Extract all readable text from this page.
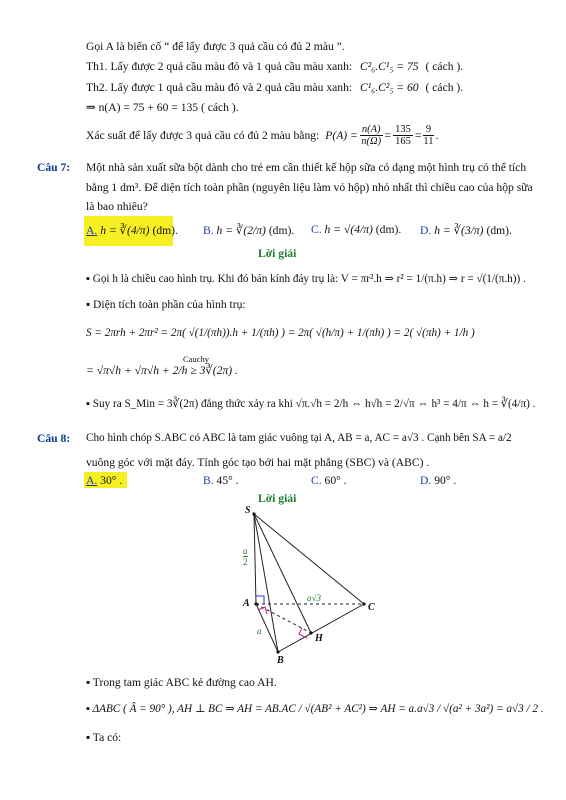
Gọi A là biến cố “ để lấy được 3 quả cầu có đủ 2 màu ”.
Th1. Lấy được 2 quả cầu màu đỏ và 1 quả cầu màu xanh: C²₆.C¹₅ = 75 ( cách ).
Th2. Lấy được 1 quả cầu màu đỏ và 2 quả cầu màu xanh: C¹₆.C²₅ = 60 ( cách ).
⇒ n(A) = 75 + 60 = 135 ( cách ).
Xác suất để lấy được 3 quả cầu có đủ 2 màu bằng: $P(A) = \frac{n(A)}{n(\Omega)} = \frac{135}{165} = \frac{9}{11}$ .
Câu 7: Một nhà sản xuất sữa bột dành cho trẻ em cần thiết kế hộp sữa có dạng một hình trụ có thể tích
bằng 1 dm³. Để diện tích toàn phần (nguyên liệu làm vỏ hộp) nhỏ nhất thì chiều cao của hộp sữa
là bao nhiêu?
A. h = ∛(4/π) (dm). B. h = ∛(2/π) (dm). C. h = √(4/π) (dm). D. h = ∛(3/π) (dm).
Lời giải
▪ Gọi h là chiều cao hình trụ. Khi đó bán kính đáy trụ là: V = πr².h ⇒ r² = 1/(π.h) ⇒ r = √(1/(π.h)) .
▪ Diện tích toàn phần của hình trụ:
S = 2πrh + 2πr² = 2π( √(1/(πh)).h + 1/(πh) ) = 2π( √(h/π) + 1/(πh) ) = 2( √(πh) + 1/h )
= √π√h + √π√h + 2/h ≥ 3∛(2π) .
Cauchy
▪ Suy ra S_Min = 3∛(2π) đẳng thức xảy ra khi √π.√h = 2/h ⇔ h√h = 2/√π ⇔ h³ = 4/π ⇔ h = ∛(4/π) .
Câu 8: Cho hình chóp S.ABC có ABC là tam giác vuông tại A, AB = a, AC = a√3 . Cạnh bên SA = a/2
vuông góc với mặt đáy. Tính góc tạo bởi hai mặt phẳng (SBC) và (ABC) .
A. 30° .	B. 45° .	C. 60° .	D. 90° .
Lời giải
S
A
B
C
H
a
2
a
a√3
▪ Trong tam giác ABC kẻ đường cao AH.
▪ ΔABC ( Â = 90° ), AH ⊥ BC ⇒ AH = AB.AC / √(AB² + AC²) ⇒ AH = a.a√3 / √(a² + 3a²) = a√3 / 2 .
▪ Ta có:
